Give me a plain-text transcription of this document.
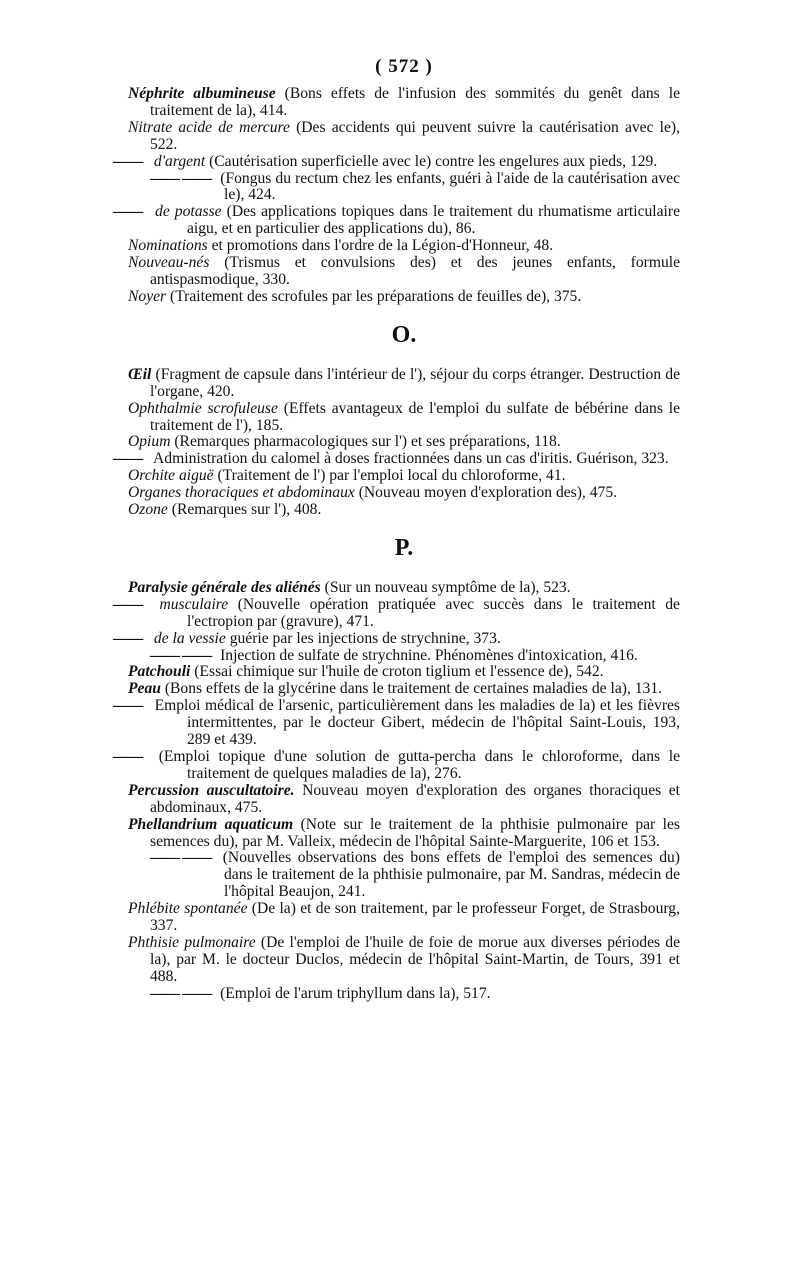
( 572 )

Néphrite albumineuse (Bons effets de l'infusion des sommités du genêt dans le traitement de la), 414.

Nitrate acide de mercure (Des accidents qui peuvent suivre la cautérisation avec le), 522.

—— d'argent (Cautérisation superficielle avec le) contre les engelures aux pieds, 129.

—— —— (Fongus du rectum chez les enfants, guéri à l'aide de la cautérisation avec le), 424.

—— de potasse (Des applications topiques dans le traitement du rhumatisme articulaire aigu, et en particulier des applications du), 86.

Nominations et promotions dans l'ordre de la Légion-d'Honneur, 48.

Nouveau-nés (Trismus et convulsions des) et des jeunes enfants, formule antispasmodique, 330.

Noyer (Traitement des scrofules par les préparations de feuilles de), 375.

O.

Œil (Fragment de capsule dans l'intérieur de l'), séjour du corps étranger. Destruction de l'organe, 420.

Ophthalmie scrofuleuse (Effets avantageux de l'emploi du sulfate de bébérine dans le traitement de l'), 185.

Opium (Remarques pharmacologiques sur l') et ses préparations, 118.

—— Administration du calomel à doses fractionnées dans un cas d'iritis. Guérison, 323.

Orchite aiguë (Traitement de l') par l'emploi local du chloroforme, 41.

Organes thoraciques et abdominaux (Nouveau moyen d'exploration des), 475.

Ozone (Remarques sur l'), 408.

P.

Paralysie générale des aliénés (Sur un nouveau symptôme de la), 523.

—— musculaire (Nouvelle opération pratiquée avec succès dans le traitement de l'ectropion par (gravure), 471.

—— de la vessie guérie par les injections de strychnine, 373.

—— —— Injection de sulfate de strychnine. Phénomènes d'intoxication, 416.

Patchouli (Essai chimique sur l'huile de croton tiglium et l'essence de), 542.

Peau (Bons effets de la glycérine dans le traitement de certaines maladies de la), 131.

—— Emploi médical de l'arsenic, particulièrement dans les maladies de la) et les fièvres intermittentes, par le docteur Gibert, médecin de l'hôpital Saint-Louis, 193, 289 et 439.

—— (Emploi topique d'une solution de gutta-percha dans le chloroforme, dans le traitement de quelques maladies de la), 276.

Percussion auscultatoire. Nouveau moyen d'exploration des organes thoraciques et abdominaux, 475.

Phellandrium aquaticum (Note sur le traitement de la phthisie pulmonaire par les semences du), par M. Valleix, médecin de l'hôpital Sainte-Marguerite, 106 et 153.

—— —— (Nouvelles observations des bons effets de l'emploi des semences du) dans le traitement de la phthisie pulmonaire, par M. Sandras, médecin de l'hôpital Beaujon, 241.

Phlébite spontanée (De la) et de son traitement, par le professeur Forget, de Strasbourg, 337.

Phthisie pulmonaire (De l'emploi de l'huile de foie de morue aux diverses périodes de la), par M. le docteur Duclos, médecin de l'hôpital Saint-Martin, de Tours, 391 et 488.

—— —— (Emploi de l'arum triphyllum dans la), 517.
